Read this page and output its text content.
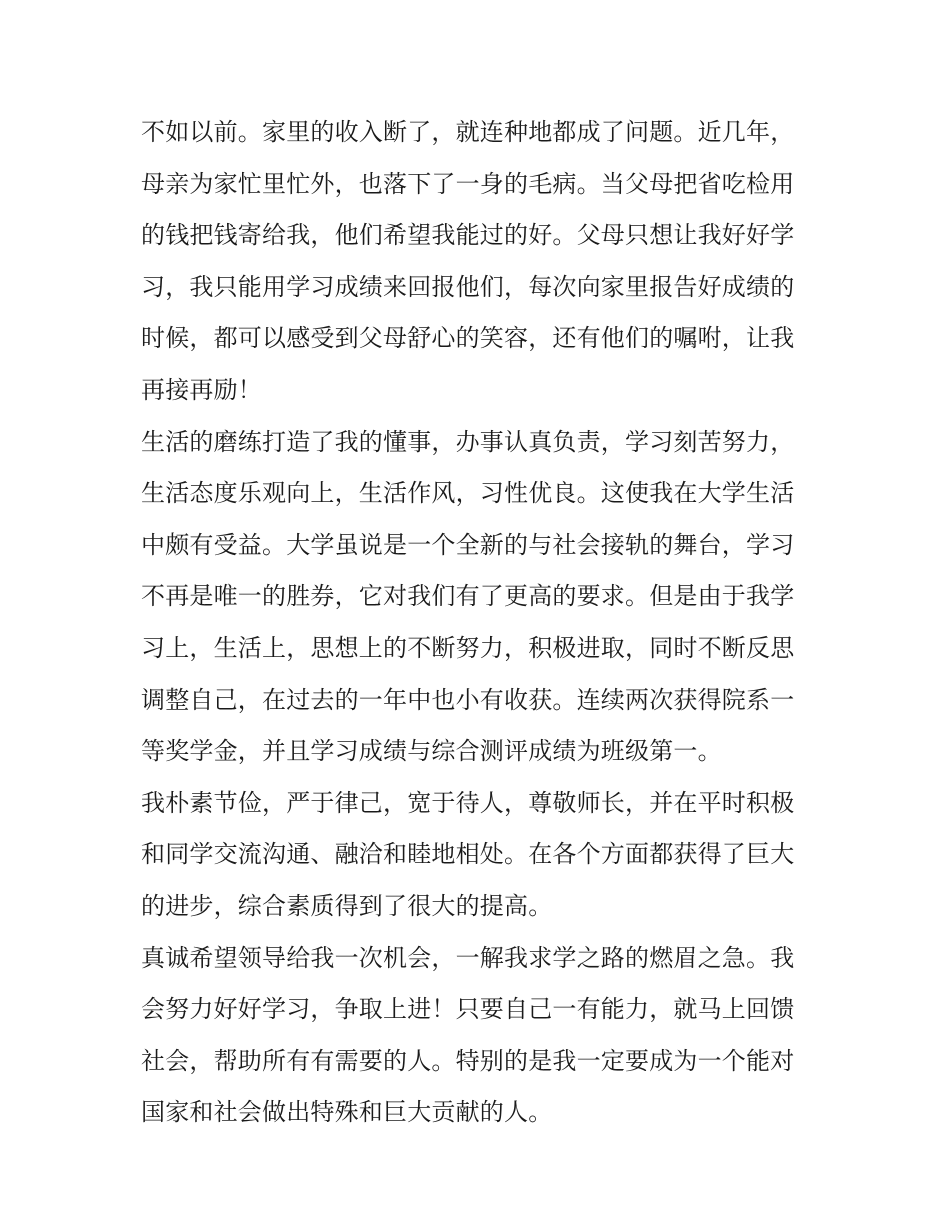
不如以前。家里的收入断了，就连种地都成了问题。近几年，
母亲为家忙里忙外，也落下了一身的毛病。当父母把省吃检用
的钱把钱寄给我，他们希望我能过的好。父母只想让我好好学
习，我只能用学习成绩来回报他们，每次向家里报告好成绩的
时候，都可以感受到父母舒心的笑容，还有他们的嘱咐，让我
再接再励！
生活的磨练打造了我的懂事，办事认真负责，学习刻苦努力，
生活态度乐观向上，生活作风，习性优良。这使我在大学生活
中颇有受益。大学虽说是一个全新的与社会接轨的舞台，学习
不再是唯一的胜券，它对我们有了更高的要求。但是由于我学
习上，生活上，思想上的不断努力，积极进取，同时不断反思
调整自己，在过去的一年中也小有收获。连续两次获得院系一
等奖学金，并且学习成绩与综合测评成绩为班级第一。
我朴素节俭，严于律己，宽于待人，尊敬师长，并在平时积极
和同学交流沟通、融洽和睦地相处。在各个方面都获得了巨大
的进步，综合素质得到了很大的提高。
真诚希望领导给我一次机会，一解我求学之路的燃眉之急。我
会努力好好学习，争取上进！只要自己一有能力，就马上回馈
社会，帮助所有有需要的人。特别的是我一定要成为一个能对
国家和社会做出特殊和巨大贡献的人。
